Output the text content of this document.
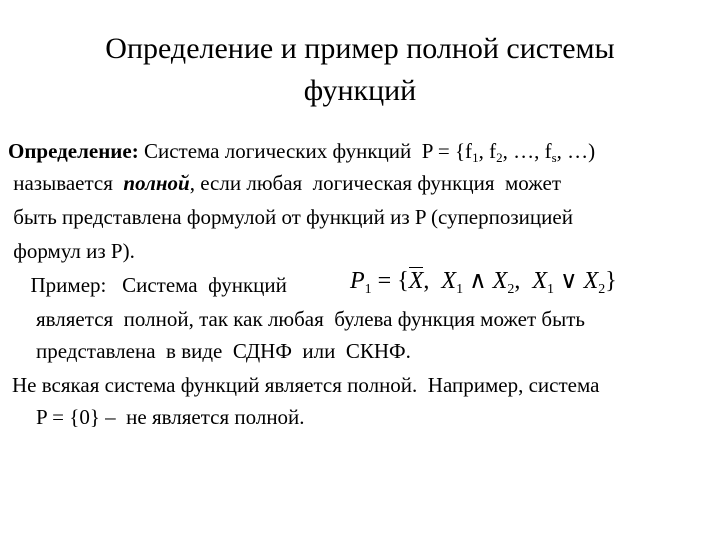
Определение и пример полной системы
функций
Определение: Система логических функций  $P = \{f_1$, $f_2$, …, $f_s$, …)
называется  полной, если любая  логическая функция  может
быть представлена формулой от функций из P (суперпозицией
формул из P).
Пример:   Система  функций	$P_1 = \{X$,  $X_1$ ∧ $X_2$,  $X_1$ ∨ $X_2$}
являeтся  полной, так как любая  булева функция может быть
представлена  в виде  СДНФ  или  СКНФ.
Не всякая система функций является полной.  Например, система
P = {0} –  не является полной.
